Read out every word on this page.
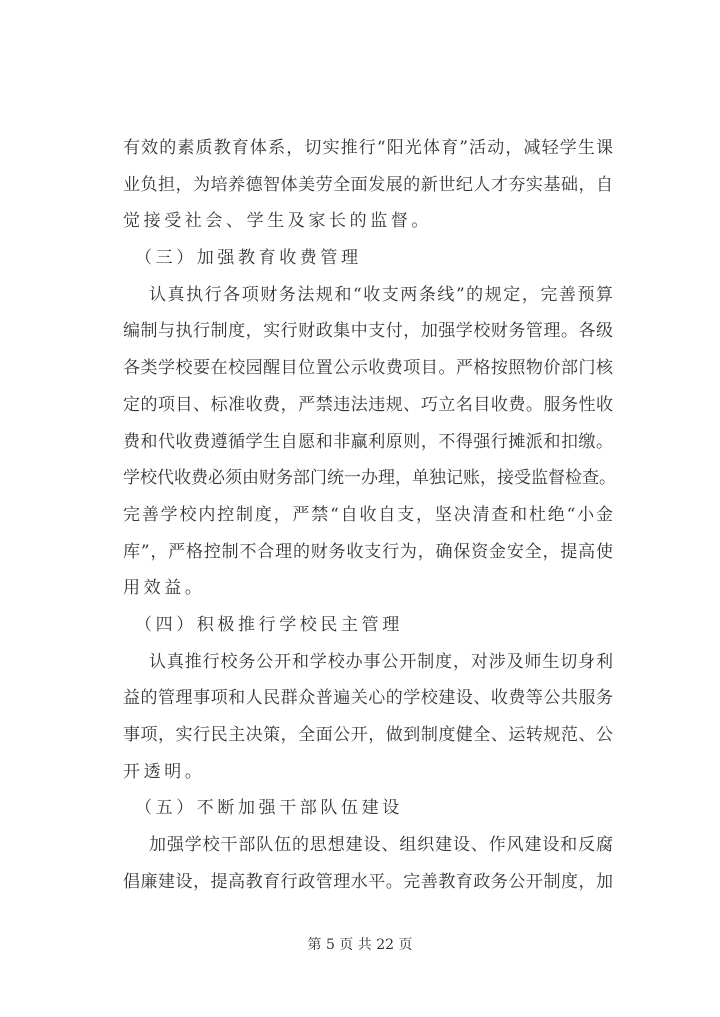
有效的素质教育体系，切实推行“阳光体育”活动，减轻学生课
业负担，为培养德智体美劳全面发展的新世纪人才夯实基础，自
觉接受社会、学生及家长的监督。
（三）加强教育收费管理
认真执行各项财务法规和“收支两条线”的规定，完善预算
编制与执行制度，实行财政集中支付，加强学校财务管理。各级
各类学校要在校园醒目位置公示收费项目。严格按照物价部门核
定的项目、标准收费，严禁违法违规、巧立名目收费。服务性收
费和代收费遵循学生自愿和非赢利原则，不得强行摊派和扣缴。
学校代收费必须由财务部门统一办理，单独记账，接受监督检查。
完善学校内控制度，严禁“自收自支，坚决清查和杜绝“小金
库”，严格控制不合理的财务收支行为，确保资金安全，提高使
用效益。
（四）积极推行学校民主管理
认真推行校务公开和学校办事公开制度，对涉及师生切身利
益的管理事项和人民群众普遍关心的学校建设、收费等公共服务
事项，实行民主决策，全面公开，做到制度健全、运转规范、公
开透明。
（五）不断加强干部队伍建设
加强学校干部队伍的思想建设、组织建设、作风建设和反腐
倡廉建设，提高教育行政管理水平。完善教育政务公开制度，加
第 5 页 共 22 页
